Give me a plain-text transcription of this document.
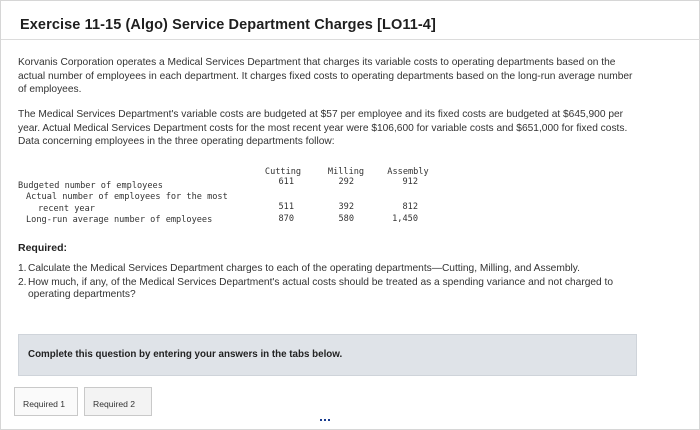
Exercise 11-15 (Algo) Service Department Charges [LO11-4]
Korvanis Corporation operates a Medical Services Department that charges its variable costs to operating departments based on the actual number of employees in each department. It charges fixed costs to operating departments based on the long-run average number of employees.
The Medical Services Department's variable costs are budgeted at $57 per employee and its fixed costs are budgeted at $645,900 per year. Actual Medical Services Department costs for the most recent year were $106,600 for variable costs and $651,000 for fixed costs. Data concerning employees in the three operating departments follow:
Cutting	Milling	Assembly
Budgeted number of employees	611	292	912
Actual number of employees for the most
recent year	511	392	812
Long-run average number of employees	870	580	1,450
Required:
1. Calculate the Medical Services Department charges to each of the operating departments—Cutting, Milling, and Assembly.
2. How much, if any, of the Medical Services Department's actual costs should be treated as a spending variance and not charged to operating departments?
Complete this question by entering your answers in the tabs below.
Required 1	Required 2
